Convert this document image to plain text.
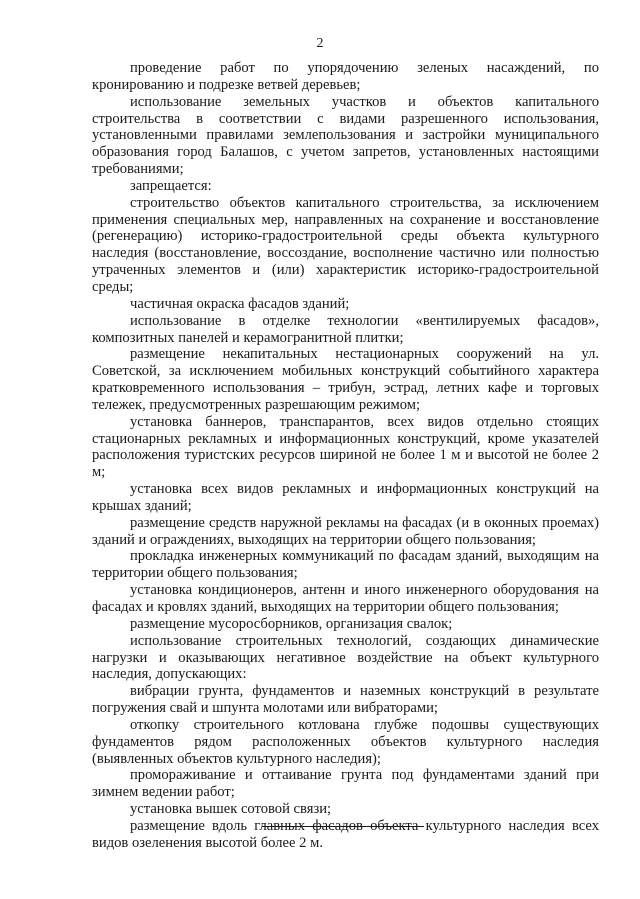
2

проведение работ по упорядочению зеленых насаждений, по кронированию и подрезке ветвей деревьев;

использование земельных участков и объектов капитального строительства в соответствии с видами разрешенного использования, установленными правилами землепользования и застройки муниципального образования город Балашов, с учетом запретов, установленных настоящими требованиями;

запрещается:

строительство объектов капитального строительства, за исключением применения специальных мер, направленных на сохранение и восстановление (регенерацию) историко-градостроительной среды объекта культурного наследия (восстановление, воссоздание, восполнение частично или полностью утраченных элементов и (или) характеристик историко-градостроительной среды;

частичная окраска фасадов зданий;

использование в отделке технологии «вентилируемых фасадов», композитных панелей и керамогранитной плитки;

размещение некапитальных нестационарных сооружений на ул. Советской, за исключением мобильных конструкций событийного характера кратковременного использования – трибун, эстрад, летних кафе и торговых тележек, предусмотренных разрешающим режимом;

установка баннеров, транспарантов, всех видов отдельно стоящих стационарных рекламных и информационных конструкций, кроме указателей расположения туристских ресурсов шириной не более 1 м и высотой не более 2 м;

установка всех видов рекламных и информационных конструкций на крышах зданий;

размещение средств наружной рекламы на фасадах (и в оконных проемах) зданий и ограждениях, выходящих на территории общего пользования;

прокладка инженерных коммуникаций по фасадам зданий, выходящим на территории общего пользования;

установка кондиционеров, антенн и иного инженерного оборудования на фасадах и кровлях зданий, выходящих на территории общего пользования;

размещение мусоросборников, организация свалок;

использование строительных технологий, создающих динамические нагрузки и оказывающих негативное воздействие на объект культурного наследия, допускающих:

вибрации грунта, фундаментов и наземных конструкций в результате погружения свай и шпунта молотами или вибраторами;

откопку строительного котлована глубже подошвы существующих фундаментов рядом расположенных объектов культурного наследия (выявленных объектов культурного наследия);

промораживание и оттаивание грунта под фундаментами зданий при зимнем ведении работ;

установка вышек сотовой связи;

размещение вдоль главных фасадов объекта культурного наследия всех видов озеленения высотой более 2 м.
